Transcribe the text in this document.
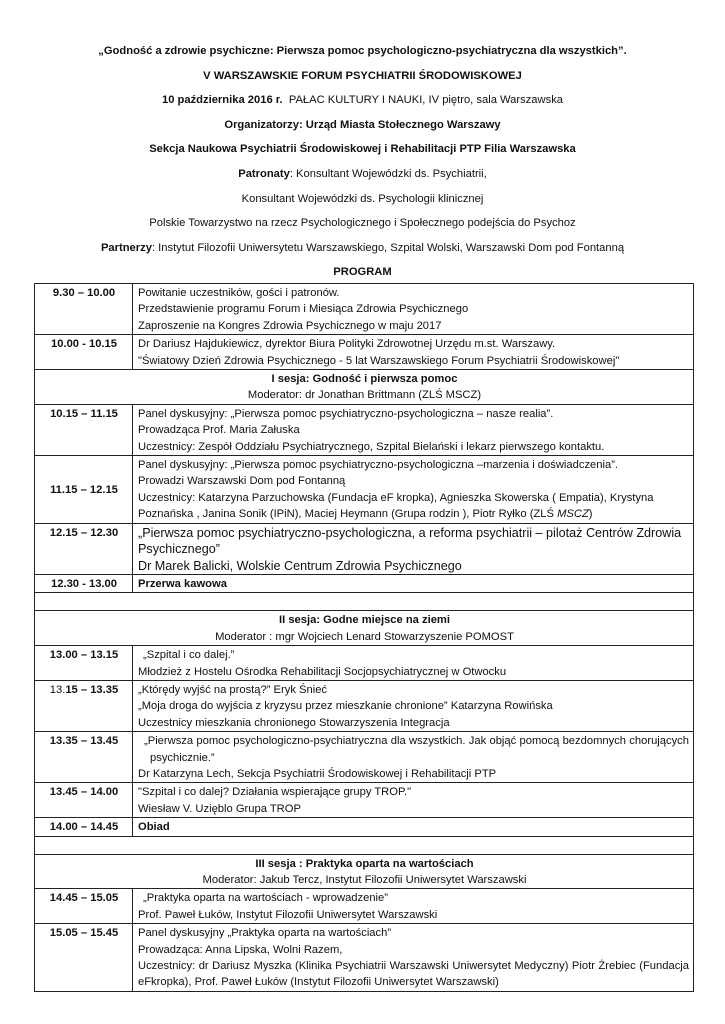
„Godność a zdrowie psychiczne: Pierwsza pomoc psychologiczno-psychiatryczna dla wszystkich”.
V WARSZAWSKIE FORUM PSYCHIATRII ŚRODOWISKOWEJ
10 października 2016 r. PAŁAC KULTURY I NAUKI, IV piętro, sala Warszawska
Organizatorzy: Urząd Miasta Stołecznego Warszawy
Sekcja Naukowa Psychiatrii Środowiskowej i Rehabilitacji PTP Filia Warszawska
Patronaty: Konsultant Wojewódzki ds. Psychiatrii,
Konsultant Wojewódzki ds. Psychologii klinicznej
Polskie Towarzystwo na rzecz Psychologicznego i Społecznego podejścia do Psychoz
Partnerzy: Instytut Filozofii Uniwersytetu Warszawskiego, Szpital Wolski, Warszawski Dom pod Fontanną
PROGRAM
9.30 – 10.00	Powitanie uczestników, gości i patronów.
Przedstawienie programu Forum i Miesiąca Zdrowia Psychicznego
Zaproszenie na Kongres Zdrowia Psychicznego w maju 2017

10.00 - 10.15	Dr Dariusz Hajdukiewicz, dyrektor Biura Polityki Zdrowotnej Urzędu m.st. Warszawy.
"Światowy Dzień Zdrowia Psychicznego - 5 lat Warszawskiego Forum Psychiatrii Środowiskowej"

I sesja: Godność i pierwsza pomoc
Moderator: dr Jonathan Brittmann (ZLŚ MSCZ)	

10.15 – 11.15	Panel dyskusyjny: „Pierwsza pomoc psychiatryczno-psychologiczna – nasze realia”.
Prowadząca Prof. Maria Załuska
Uczestnicy: Zespół Oddziału Psychiatrycznego, Szpital Bielański i lekarz pierwszego kontaktu.

11.15 – 12.15	Panel dyskusyjny: „Pierwsza pomoc psychiatryczno-psychologiczna –marzenia i doświadczenia”.
Prowadzi Warszawski Dom pod Fontanną
Uczestnicy: Katarzyna Parzuchowska (Fundacja eF kropka), Agnieszka Skowerska ( Empatia), Krystyna Poznańska , Janina Sonik (IPiN), Maciej Heymann (Grupa rodzin ), Piotr Ryłko (ZLŚ MSCZ)

12.15 – 12.30	„Pierwsza pomoc psychiatryczno-psychologiczna, a reforma psychiatrii – pilotaż Centrów Zdrowia Psychicznego”
Dr Marek Balicki, Wolskie Centrum Zdrowia Psychicznego

12.30 - 13.00	Przerwa kawowa

II sesja: Godne miejsce na ziemi
Moderator : mgr Wojciech Lenard Stowarzyszenie POMOST	

13.00 – 13.15	„Szpital i co dalej.”
Młodzież z Hostelu Ośrodka Rehabilitacji Socjopsychiatrycznej w Otwocku

13.15 – 13.35	„Którędy wyjść na prostą?” Eryk Śnieć
„Moja droga do wyjścia z kryzysu przez mieszkanie chronione” Katarzyna Rowińska
Uczestnicy mieszkania chronionego Stowarzyszenia Integracja

13.35 – 13.45	„Pierwsza pomoc psychologiczno-psychiatryczna dla wszystkich. Jak objąć pomocą bezdomnych chorujących psychicznie.”
Dr Katarzyna Lech, Sekcja Psychiatrii Środowiskowej i Rehabilitacji PTP

13.45 – 14.00	"Szpital i co dalej? Działania wspierające grupy TROP."
Wiesław V. Uzięblo Grupa TROP

14.00 – 14.45	Obiad

III sesja : Praktyka oparta na wartościach
Moderator: Jakub Tercz, Instytut Filozofii Uniwersytet Warszawski	

14.45 – 15.05	„Praktyka oparta na wartościach - wprowadzenie”
Prof. Paweł Łuków, Instytut Filozofii Uniwersytet Warszawski

15.05 – 15.45	Panel dyskusyjny „Praktyka oparta na wartościach”
Prowadząca: Anna Lipska, Wolni Razem,
Uczestnicy: dr Dariusz Myszka (Klinika Psychiatrii Warszawski Uniwersytet Medyczny) Piotr Żrebiec (Fundacja eFkropka), Prof. Paweł Łuków (Instytut Filozofii Uniwersytet Warszawski)
